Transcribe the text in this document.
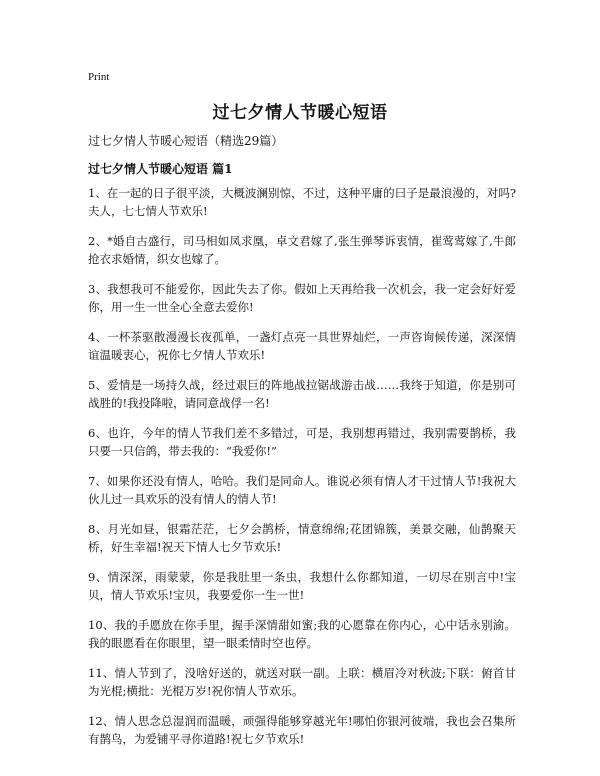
Print
过七夕情人节暖心短语
过七夕情人节暖心短语（精选29篇）
过七夕情人节暖心短语 篇1

1、在一起的日子很平淡，大概波澜别惊，不过，这种平庸的曰子是最浪漫的，对吗?夫人，七七情人节欢乐!

2、*婚自古盛行，司马相如凤求凰，卓文君嫁了,张生弹琴诉衷情，崔莺莺嫁了,牛郎抢衣求婚情，织女也嫁了。

3、我想我可不能爱你，因此失去了你。假如上天再给我一次机会，我一定会好好爱你，用一生一世全心全意去爱你!

4、一杯茶驱散漫漫长夜孤单，一盏灯点亮一具世界灿烂，一声咨询候传递，深深情谊温暖衷心，祝你七夕情人节欢乐!

5、爱情是一场持久战，经过艰巨的阵地战拉锯战游击战……我终于知道，你是别可战胜的!我投降啦，请同意战俘一名!

6、也许，今年的情人节我们差不多错过，可是，我别想再错过，我别需要鹊桥，我只要一只信鸽，带去我的：“我爱你!”

7、如果你还没有情人，哈哈。我们是同命人。谁说必须有情人才干过情人节!我祝大伙儿过一具欢乐的没有情人的情人节!

8、月光如昼，银霜茫茫，七夕会鹊桥，情意绵绵;花团锦簇，美景交融，仙鹊聚天桥，好生幸福!祝天下情人七夕节欢乐!

9、情深深，雨蒙蒙，你是我肚里一条虫，我想什么你都知道，一切尽在别言中!宝贝，情人节欢乐!宝贝，我要爱你一生一世!

10、我的手愿放在你手里，握手深情甜如蜜;我的心愿靠在你内心，心中话永别渝。我的眼愿看在你眼里，望一眼柔情时空也停。

11、情人节到了，没啥好送的，就送对联一副。上联：横眉冷对秋波;下联：俯首甘为光棍;横批：光棍万岁!祝你情人节欢乐。

12、情人思念总湿润而温暖，顽强得能够穿越光年!哪怕你银河彼端，我也会召集所有鹊鸟，为爱铺平寻你道路!祝七夕节欢乐!
